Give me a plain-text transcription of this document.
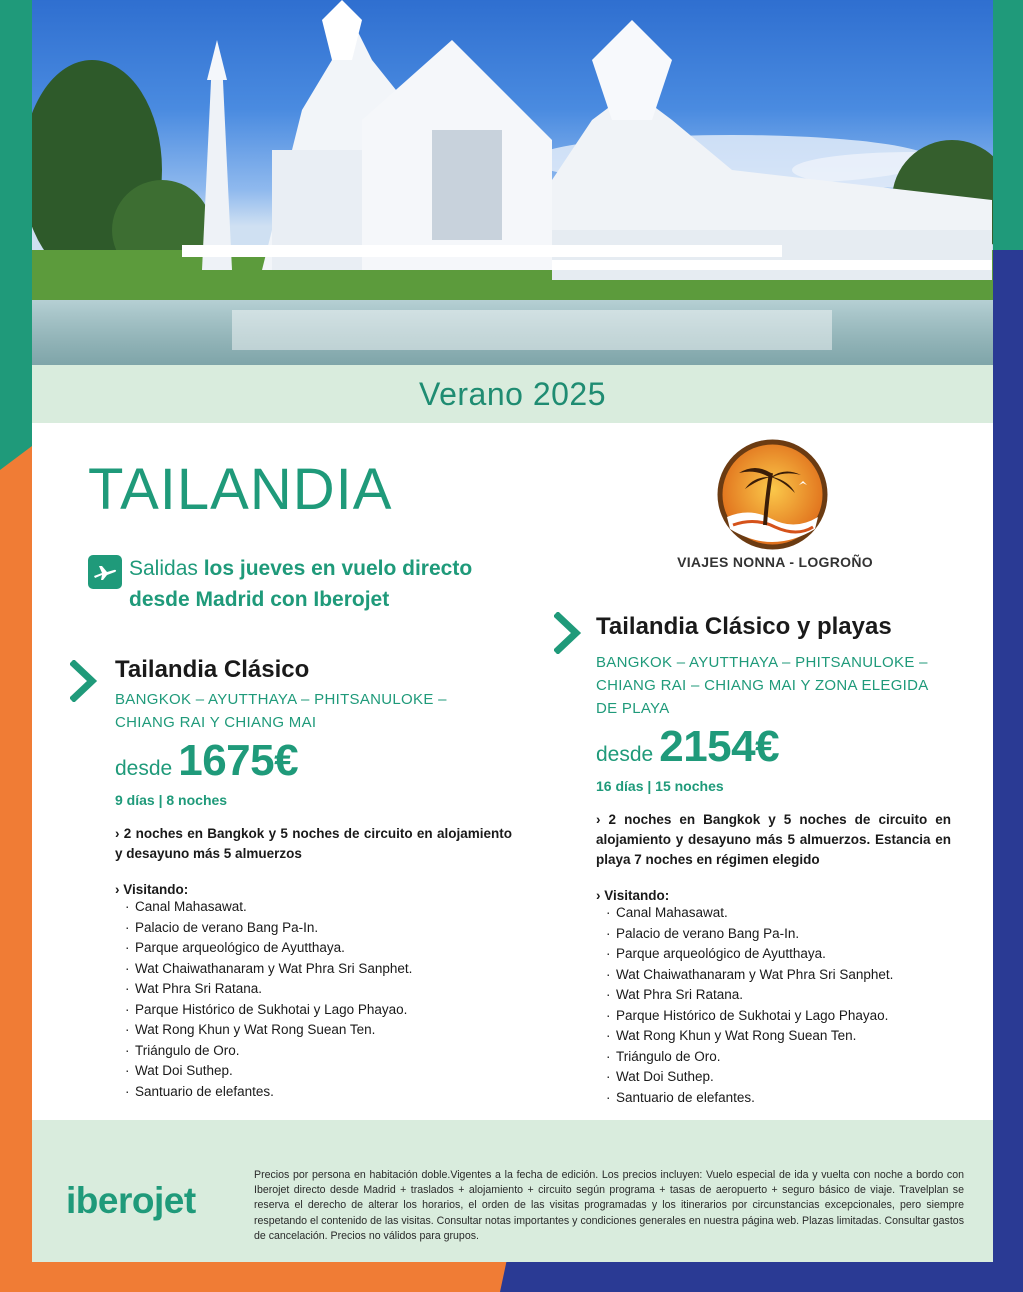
Verano 2025
TAILANDIA
Salidas los jueves en vuelo directo desde Madrid con Iberojet
VIAJES NONNA - LOGROÑO
Tailandia Clásico
BANGKOK – AYUTTHAYA – PHITSANULOKE – CHIANG RAI Y CHIANG MAI
desde 1675€
9 días | 8 noches
› 2 noches en Bangkok y 5 noches de circuito en alojamiento y desayuno más 5 almuerzos
› Visitando:
· Canal Mahasawat.
· Palacio de verano Bang Pa-In.
· Parque arqueológico de Ayutthaya.
· Wat Chaiwathanaram y Wat Phra Sri Sanphet.
· Wat Phra Sri Ratana.
· Parque Histórico de Sukhotai y Lago Phayao.
· Wat Rong Khun y Wat Rong Suean Ten.
· Triángulo de Oro.
· Wat Doi Suthep.
· Santuario de elefantes.
Tailandia Clásico y playas
BANGKOK – AYUTTHAYA – PHITSANULOKE – CHIANG RAI – CHIANG MAI Y ZONA ELEGIDA DE PLAYA
desde 2154€
16 días | 15 noches
› 2 noches en Bangkok y 5 noches de circuito en alojamiento y desayuno más 5 almuerzos. Estancia en playa 7 noches en régimen elegido
› Visitando:
· Canal Mahasawat.
· Palacio de verano Bang Pa-In.
· Parque arqueológico de Ayutthaya.
· Wat Chaiwathanaram y Wat Phra Sri Sanphet.
· Wat Phra Sri Ratana.
· Parque Histórico de Sukhotai y Lago Phayao.
· Wat Rong Khun y Wat Rong Suean Ten.
· Triángulo de Oro.
· Wat Doi Suthep.
· Santuario de elefantes.
iberojet
Precios por persona en habitación doble.Vigentes a la fecha de edición. Los precios incluyen: Vuelo especial de ida y vuelta con noche a bordo con Iberojet directo desde Madrid + traslados + alojamiento + circuito según programa + tasas de aeropuerto + seguro básico de viaje. Travelplan se reserva el derecho de alterar los horarios, el orden de las visitas programadas y los itinerarios por circunstancias excepcionales, pero siempre respetando el contenido de las visitas. Consultar notas importantes y condiciones generales en nuestra página web. Plazas limitadas. Consultar gastos de cancelación. Precios no válidos para grupos.
